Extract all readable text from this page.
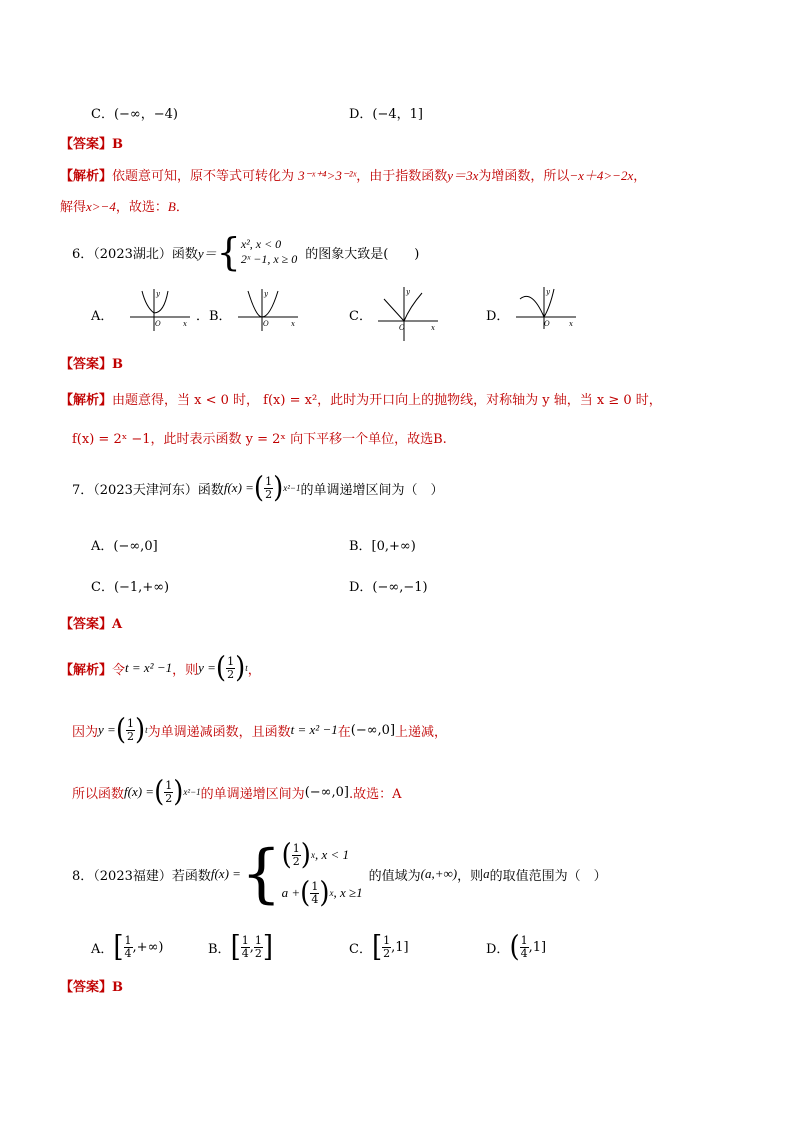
C．(−∞，−4)	D．(−4，1]
【答案】B
【解析】依题意可知，原不等式可转化为 3⁻ˣ⁺⁴>3⁻²ˣ，由于指数函数y＝3x为增函数，所以−x＋4>−2x，
解得x>−4，故选：B．
6．（2023湖北）函数 y＝ { x², x < 0
2ˣ −1, x ≥ 0 的图象大致是(　　)
A．
y
O	x ．B．
y
O	x	C．
y
O	x
D．
y
O	x
【答案】B
【解析】由题意得，当 x < 0 时， f(x) = x²，此时为开口向上的抛物线，对称轴为 y 轴，当 x ≥ 0 时，
f(x) = 2ˣ −1，此时表示函数 y = 2ˣ 向下平移一个单位，故选B.
7．（2023天津河东）函数 f(x) = ( $\frac{1}{2}$ ) x²−1 的单调递增区间为（　）
A．(−∞,0]	B．[0,+∞)
C．(−1,+∞)	D．(−∞,−1)
【答案】A
【解析】 令 t = x² −1 ，则 y = ( $\frac{1}{2}$ ) t ，
因为 y = ( $\frac{1}{2}$ ) t 为单调递减函数，且函数 t = x² −1 在 (−∞,0] 上递减，
所以函数 f(x) = ( $\frac{1}{2}$ ) x²−1 的单调递增区间为 (−∞,0] .故选：A
8．（2023福建）若函数 f(x) = { ( $\frac{1}{2}$ ) x , x < 1
a + ( $\frac{1}{4}$ ) x , x ≥1
的值域为 (a,+∞) ，则 a 的取值范围为（　）
A． [ $\frac{1}{4}$ ,+∞)	B． [ $\frac{1}{4}$ , $\frac{1}{2}$ ]	C． [ $\frac{1}{2} ,1$]	D． ( $\frac{1}{4} ,1$]
【答案】B
